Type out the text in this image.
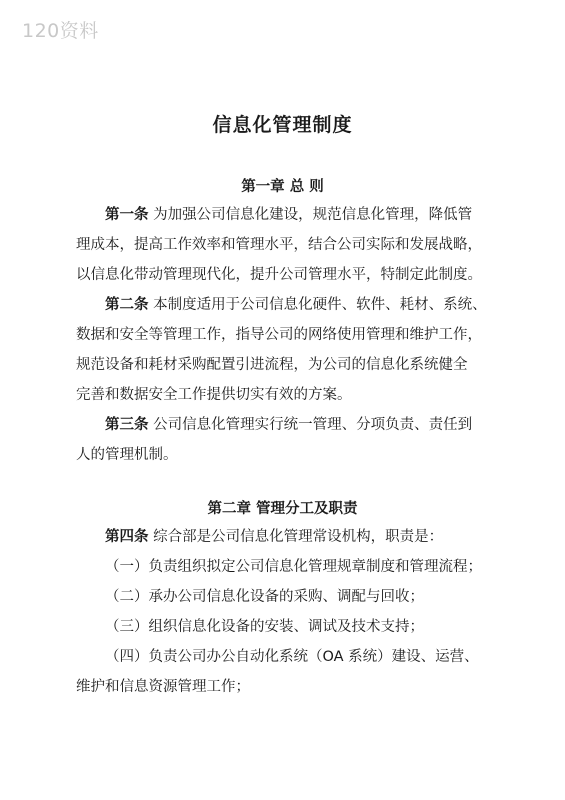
120资料
信息化管理制度
第一章 总 则
第一条 为加强公司信息化建设，规范信息化管理，降低管
理成本，提高工作效率和管理水平，结合公司实际和发展战略，
以信息化带动管理现代化，提升公司管理水平，特制定此制度。
第二条 本制度适用于公司信息化硬件、软件、耗材、系统、
数据和安全等管理工作，指导公司的网络使用管理和维护工作，
规范设备和耗材采购配置引进流程，为公司的信息化系统健全
完善和数据安全工作提供切实有效的方案。
第三条 公司信息化管理实行统一管理、分项负责、责任到
人的管理机制。
第二章 管理分工及职责
第四条 综合部是公司信息化管理常设机构，职责是：
（一）负责组织拟定公司信息化管理规章制度和管理流程；
（二）承办公司信息化设备的采购、调配与回收；
（三）组织信息化设备的安装、调试及技术支持；
（四）负责公司办公自动化系统（OA 系统）建设、运营、
维护和信息资源管理工作；
